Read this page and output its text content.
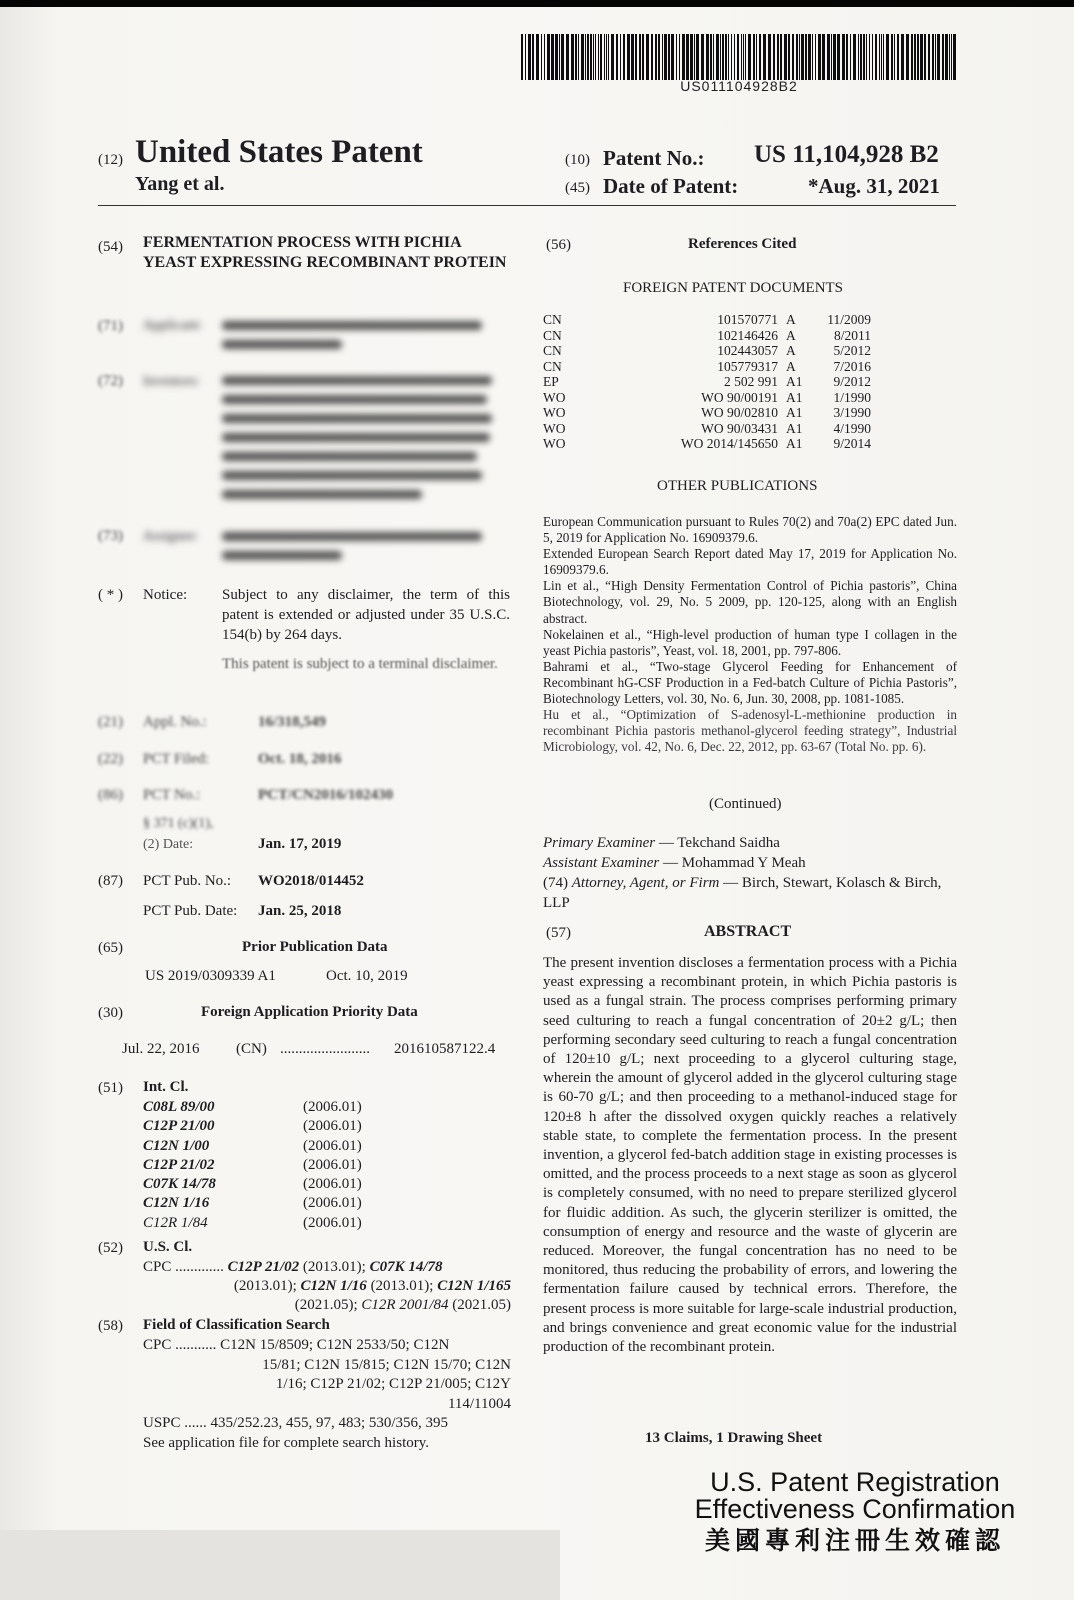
US011104928B2
(12) United States Patent
Yang et al.
(10) Patent No.: US 11,104,928 B2
(45) Date of Patent:	*Aug. 31, 2021
(54) FERMENTATION PROCESS WITH PICHIA YEAST EXPRESSING RECOMBINANT PROTEIN
(71) Applicant:
(72) Inventors:
(73) Assignee:
( * ) Notice: Subject to any disclaimer, the term of this patent is extended or adjusted under 35 U.S.C. 154(b) by 264 days.
This patent is subject to a terminal disclaimer.
(21) Appl. No.:	16/318,549
(22) PCT Filed:	Oct. 18, 2016
(86) PCT No.:	PCT/CN2016/102430
§ 371 (c)(1),
(2) Date:	Jan. 17, 2019
(87) PCT Pub. No.: WO2018/014452
PCT Pub. Date: Jan. 25, 2018
(65)	Prior Publication Data
US 2019/0309339 A1	Oct. 10, 2019
(30)	Foreign Application Priority Data
Jul. 22, 2016 (CN) ........................ 201610587122.4
(51) Int. Cl.
C08L 89/00	(2006.01)
C12P 21/00	(2006.01)
C12N 1/00	(2006.01)
C12P 21/02	(2006.01)
C07K 14/78	(2006.01)
C12N 1/16	(2006.01)
C12R 1/84	(2006.01)
(52) U.S. Cl.
CPC ............. C12P 21/02 (2013.01); C07K 14/78
(2013.01); C12N 1/16 (2013.01); C12N 1/165
(2021.05); C12R 2001/84 (2021.05)
(58) Field of Classification Search
CPC ........... C12N 15/8509; C12N 2533/50; C12N
15/81; C12N 15/815; C12N 15/70; C12N
1/16; C12P 21/02; C12P 21/005; C12Y
114/11004
USPC ...... 435/252.23, 455, 97, 483; 530/356, 395
See application file for complete search history.
(56)	References Cited
FOREIGN PATENT DOCUMENTS
CN	101570771 A	11/2009
CN	102146426 A	8/2011
CN	102443057 A	5/2012
CN	105779317 A	7/2016
EP	2 502 991 A1	9/2012
WO	WO 90/00191 A1	1/1990
WO	WO 90/02810 A1	3/1990
WO	WO 90/03431 A1	4/1990
WO	WO 2014/145650 A1	9/2014
OTHER PUBLICATIONS

European Communication pursuant to Rules 70(2) and 70a(2) EPC dated Jun. 5, 2019 for Application No. 16909379.6.

Extended European Search Report dated May 17, 2019 for Application No. 16909379.6.

Lin et al., “High Density Fermentation Control of Pichia pastoris”, China Biotechnology, vol. 29, No. 5 2009, pp. 120-125, along with an English abstract.

Nokelainen et al., “High-level production of human type I collagen in the yeast Pichia pastoris”, Yeast, vol. 18, 2001, pp. 797-806.

Bahrami et al., “Two-stage Glycerol Feeding for Enhancement of Recombinant hG-CSF Production in a Fed-batch Culture of Pichia Pastoris”, Biotechnology Letters, vol. 30, No. 6, Jun. 30, 2008, pp. 1081-1085.

Hu et al., “Optimization of S-adenosyl-L-methionine production in recombinant Pichia pastoris methanol-glycerol feeding strategy”, Industrial Microbiology, vol. 42, No. 6, Dec. 22, 2012, pp. 63-67 (Total No. pp. 6).

(Continued)
Primary Examiner — Tekchand Saidha
Assistant Examiner — Mohammad Y Meah
(74) Attorney, Agent, or Firm — Birch, Stewart, Kolasch & Birch, LLP
(57)	ABSTRACT
The present invention discloses a fermentation process with a Pichia yeast expressing a recombinant protein, in which Pichia pastoris is used as a fungal strain. The process comprises performing primary seed culturing to reach a fungal concentration of 20±2 g/L; then performing secondary seed culturing to reach a fungal concentration of 120±10 g/L; next proceeding to a glycerol culturing stage, wherein the amount of glycerol added in the glycerol culturing stage is 60-70 g/L; and then proceeding to a methanol-induced stage for 120±8 h after the dissolved oxygen quickly reaches a relatively stable state, to complete the fermentation process. In the present invention, a glycerol fed-batch addition stage in existing processes is omitted, and the process proceeds to a next stage as soon as glycerol is completely consumed, with no need to prepare sterilized glycerol for fluidic addition. As such, the glycerin sterilizer is omitted, the consumption of energy and resource and the waste of glycerin are reduced. Moreover, the fungal concentration has no need to be monitored, thus reducing the probability of errors, and lowering the fermentation failure caused by technical errors. Therefore, the present process is more suitable for large-scale industrial production, and brings convenience and great economic value for the industrial production of the recombinant protein.
13 Claims, 1 Drawing Sheet
U.S. Patent Registration
Effectiveness Confirmation
美國專利注冊生效確認
